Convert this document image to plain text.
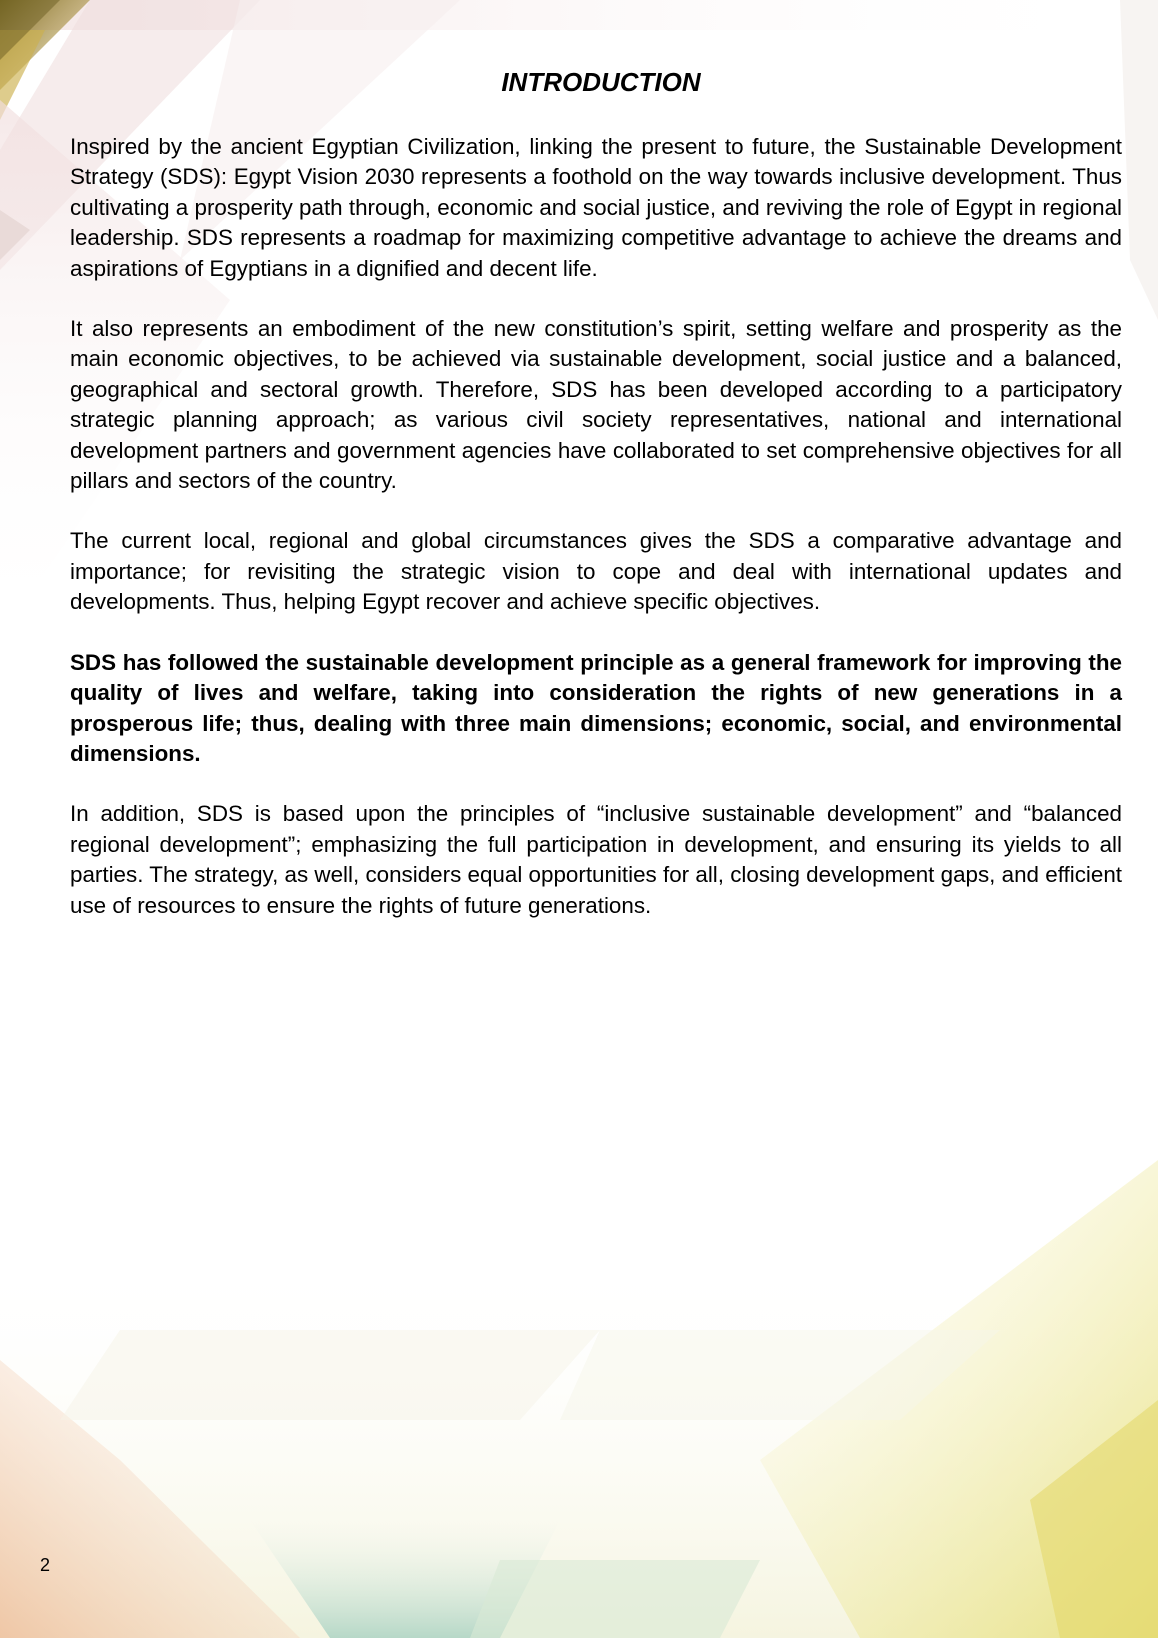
INTRODUCTION

Inspired by the ancient Egyptian Civilization, linking the present to future, the Sustainable Development Strategy (SDS): Egypt Vision 2030 represents a foothold on the way towards inclusive development. Thus cultivating a prosperity path through, economic and social justice, and reviving the role of Egypt in regional leadership. SDS represents a roadmap for maximizing competitive advantage to achieve the dreams and aspirations of Egyptians in a dignified and decent life.

It also represents an embodiment of the new constitution’s spirit, setting welfare and prosperity as the main economic objectives, to be achieved via sustainable development, social justice and a balanced, geographical and sectoral growth. Therefore, SDS has been developed according to a participatory strategic planning approach; as various civil society representatives, national and international development partners and government agencies have collaborated to set comprehensive objectives for all pillars and sectors of the country.

The current local, regional and global circumstances gives the SDS a comparative advantage and importance; for revisiting the strategic vision to cope and deal with international updates and developments. Thus, helping Egypt recover and achieve specific objectives.

SDS has followed the sustainable development principle as a general framework for improving the quality of lives and welfare, taking into consideration the rights of new generations in a prosperous life; thus, dealing with three main dimensions; economic, social, and environmental dimensions.

In addition, SDS is based upon the principles of “inclusive sustainable development” and “balanced regional development”; emphasizing the full participation in development, and ensuring its yields to all parties. The strategy, as well, considers equal opportunities for all, closing development gaps, and efficient use of resources to ensure the rights of future generations.

2
